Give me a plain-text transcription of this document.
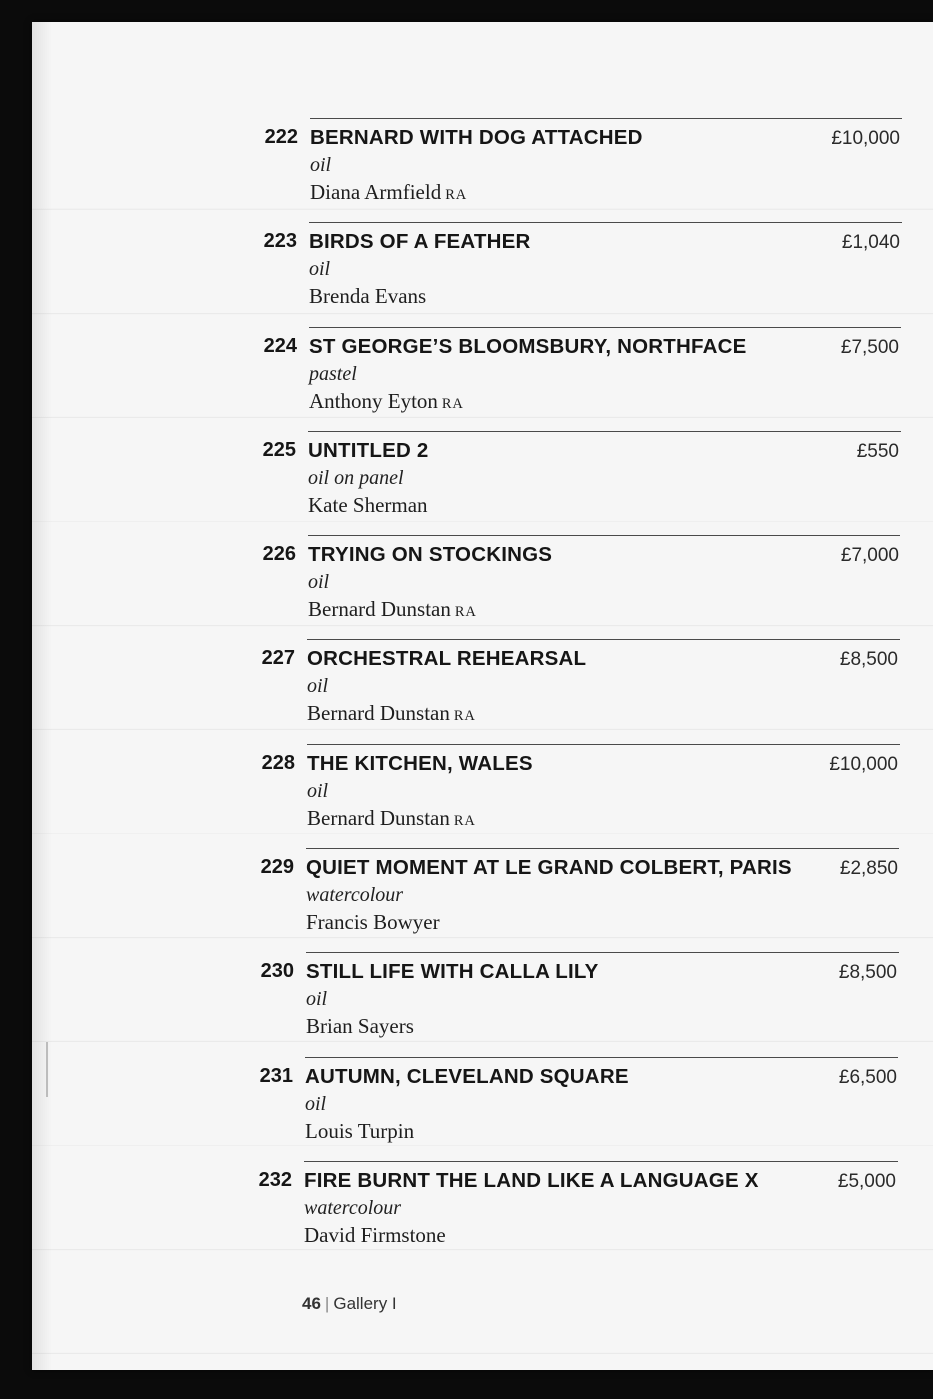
222 BERNARD WITH DOG ATTACHED
oil
Diana Armfield RA
£10,000
223 BIRDS OF A FEATHER
oil
Brenda Evans
£1,040
224 ST GEORGE’S BLOOMSBURY, NORTHFACE
pastel
Anthony Eyton RA
£7,500
225 UNTITLED 2
oil on panel
Kate Sherman
£550
226 TRYING ON STOCKINGS
oil
Bernard Dunstan RA
£7,000
227 ORCHESTRAL REHEARSAL
oil
Bernard Dunstan RA
£8,500
228 THE KITCHEN, WALES
oil
Bernard Dunstan RA
£10,000
229 QUIET MOMENT AT LE GRAND COLBERT, PARIS
watercolour
Francis Bowyer
£2,850
230 STILL LIFE WITH CALLA LILY
oil
Brian Sayers
£8,500
231 AUTUMN, CLEVELAND SQUARE
oil
Louis Turpin
£6,500
232 FIRE BURNT THE LAND LIKE A LANGUAGE X
watercolour
David Firmstone
£5,000
46 | Gallery I
